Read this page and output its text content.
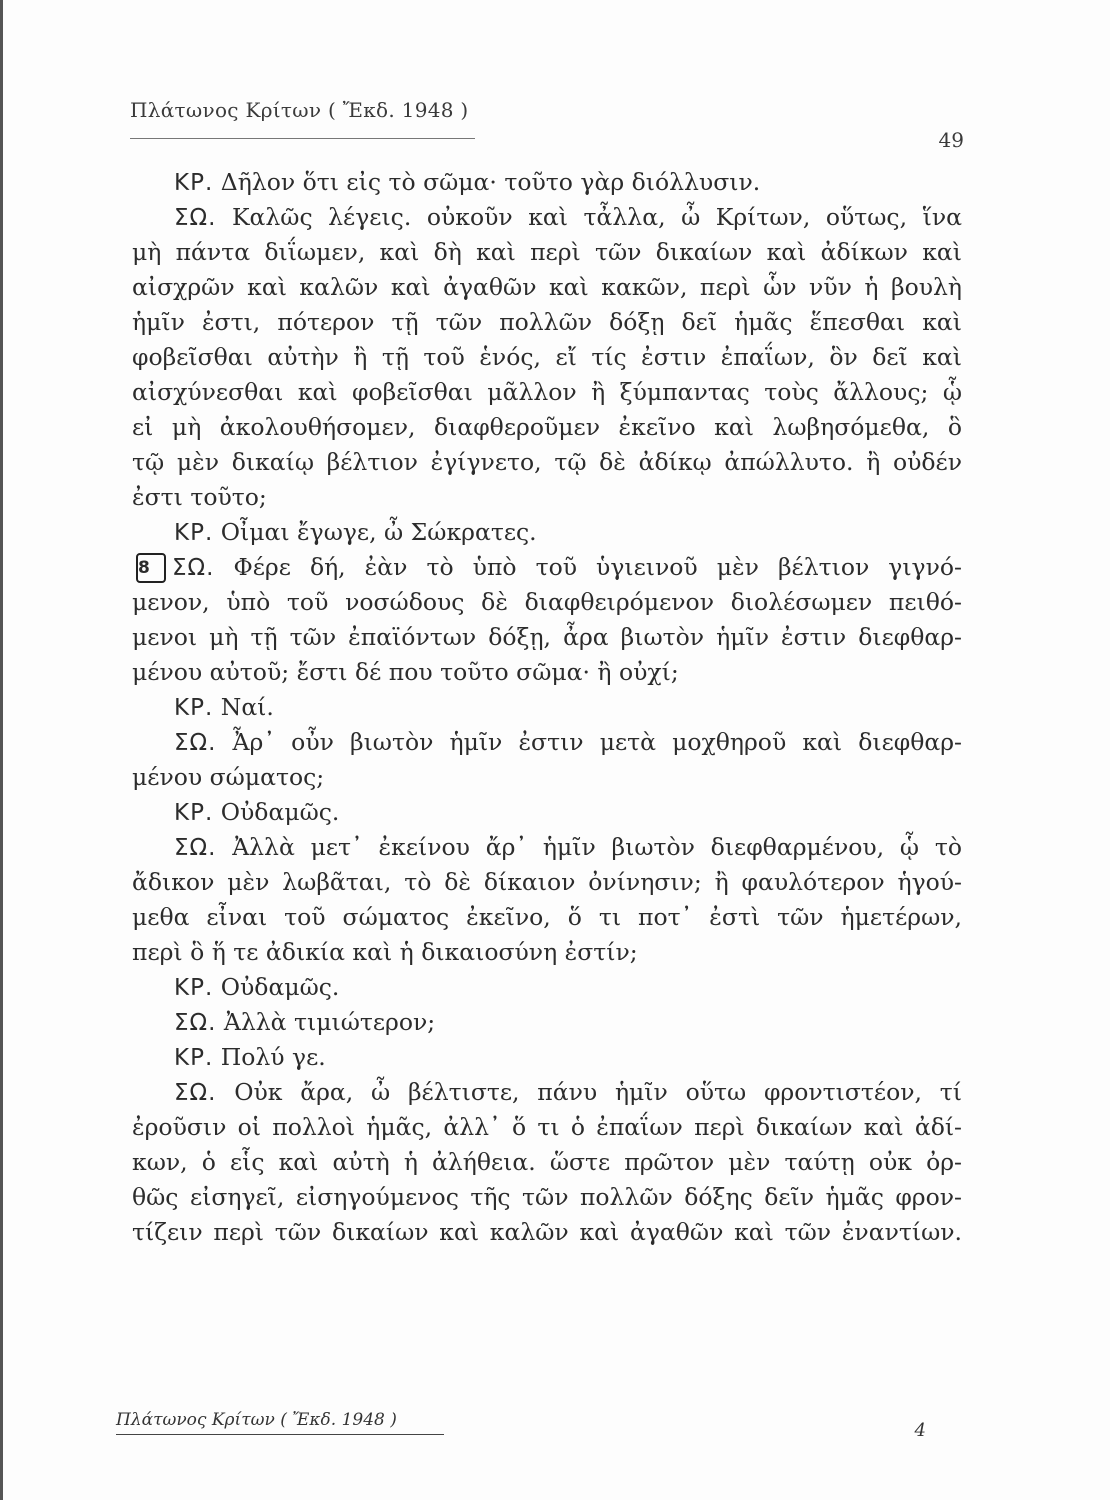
Πλάτωνος Κρίτων ( Ἔκδ. 1948 )
49
ΚΡ. Δῆλον ὅτι εἰς τὸ σῶμα· τοῦτο γὰρ διόλλυσιν.
ΣΩ. Καλῶς λέγεις. οὐκοῦν καὶ τἆλλα, ὦ Κρίτων, οὕτως, ἵνα
μὴ πάντα διΐωμεν, καὶ δὴ καὶ περὶ τῶν δικαίων καὶ ἀδίκων καὶ
αἰσχρῶν καὶ καλῶν καὶ ἀγαθῶν καὶ κακῶν, περὶ ὧν νῦν ἡ βουλὴ
ἡμῖν ἐστι, πότερον τῇ τῶν πολλῶν δόξῃ δεῖ ἡμᾶς ἕπεσθαι καὶ
φοβεῖσθαι αὐτὴν ἢ τῇ τοῦ ἑνός, εἴ τίς ἐστιν ἐπαΐων, ὃν δεῖ καὶ
αἰσχύνεσθαι καὶ φοβεῖσθαι μᾶλλον ἢ ξύμπαντας τοὺς ἄλλους; ᾧ
εἰ μὴ ἀκολουθήσομεν, διαφθεροῦμεν ἐκεῖνο καὶ λωβησόμεθα, ὃ
τῷ μὲν δικαίῳ βέλτιον ἐγίγνετο, τῷ δὲ ἀδίκῳ ἀπώλλυτο. ἢ οὐδέν
ἐστι τοῦτο;
ΚΡ. Οἶμαι ἔγωγε, ὦ Σώκρατες.
8 ΣΩ. Φέρε δή, ἐὰν τὸ ὑπὸ τοῦ ὑγιεινοῦ μὲν βέλτιον γιγνό-
μενον, ὑπὸ τοῦ νοσώδους δὲ διαφθειρόμενον διολέσωμεν πειθό-
μενοι μὴ τῇ τῶν ἐπαϊόντων δόξῃ, ἆρα βιωτὸν ἡμῖν ἐστιν διεφθαρ-
μένου αὐτοῦ; ἔστι δέ που τοῦτο σῶμα· ἢ οὐχί;
ΚΡ. Ναί.
ΣΩ. Ἆρ᾽ οὖν βιωτὸν ἡμῖν ἐστιν μετὰ μοχθηροῦ καὶ διεφθαρ-
μένου σώματος;
ΚΡ. Οὐδαμῶς.
ΣΩ. Ἀλλὰ μετ᾽ ἐκείνου ἄρ᾽ ἡμῖν βιωτὸν διεφθαρμένου, ᾧ τὸ
ἄδικον μὲν λωβᾶται, τὸ δὲ δίκαιον ὀνίνησιν; ἢ φαυλότερον ἡγού-
μεθα εἶναι τοῦ σώματος ἐκεῖνο, ὅ τι ποτ᾽ ἐστὶ τῶν ἡμετέρων,
περὶ ὃ ἥ τε ἀδικία καὶ ἡ δικαιοσύνη ἐστίν;
ΚΡ. Οὐδαμῶς.
ΣΩ. Ἀλλὰ τιμιώτερον;
ΚΡ. Πολύ γε.
ΣΩ. Οὐκ ἄρα, ὦ βέλτιστε, πάνυ ἡμῖν οὕτω φροντιστέον, τί
ἐροῦσιν οἱ πολλοὶ ἡμᾶς, ἀλλ᾽ ὅ τι ὁ ἐπαΐων περὶ δικαίων καὶ ἀδί-
κων, ὁ εἷς καὶ αὐτὴ ἡ ἀλήθεια. ὥστε πρῶτον μὲν ταύτῃ οὐκ ὀρ-
θῶς εἰσηγεῖ, εἰσηγούμενος τῆς τῶν πολλῶν δόξης δεῖν ἡμᾶς φρον-
τίζειν περὶ τῶν δικαίων καὶ καλῶν καὶ ἀγαθῶν καὶ τῶν ἐναντίων.
Πλάτωνος Κρίτων ( Ἔκδ. 1948 )	4
